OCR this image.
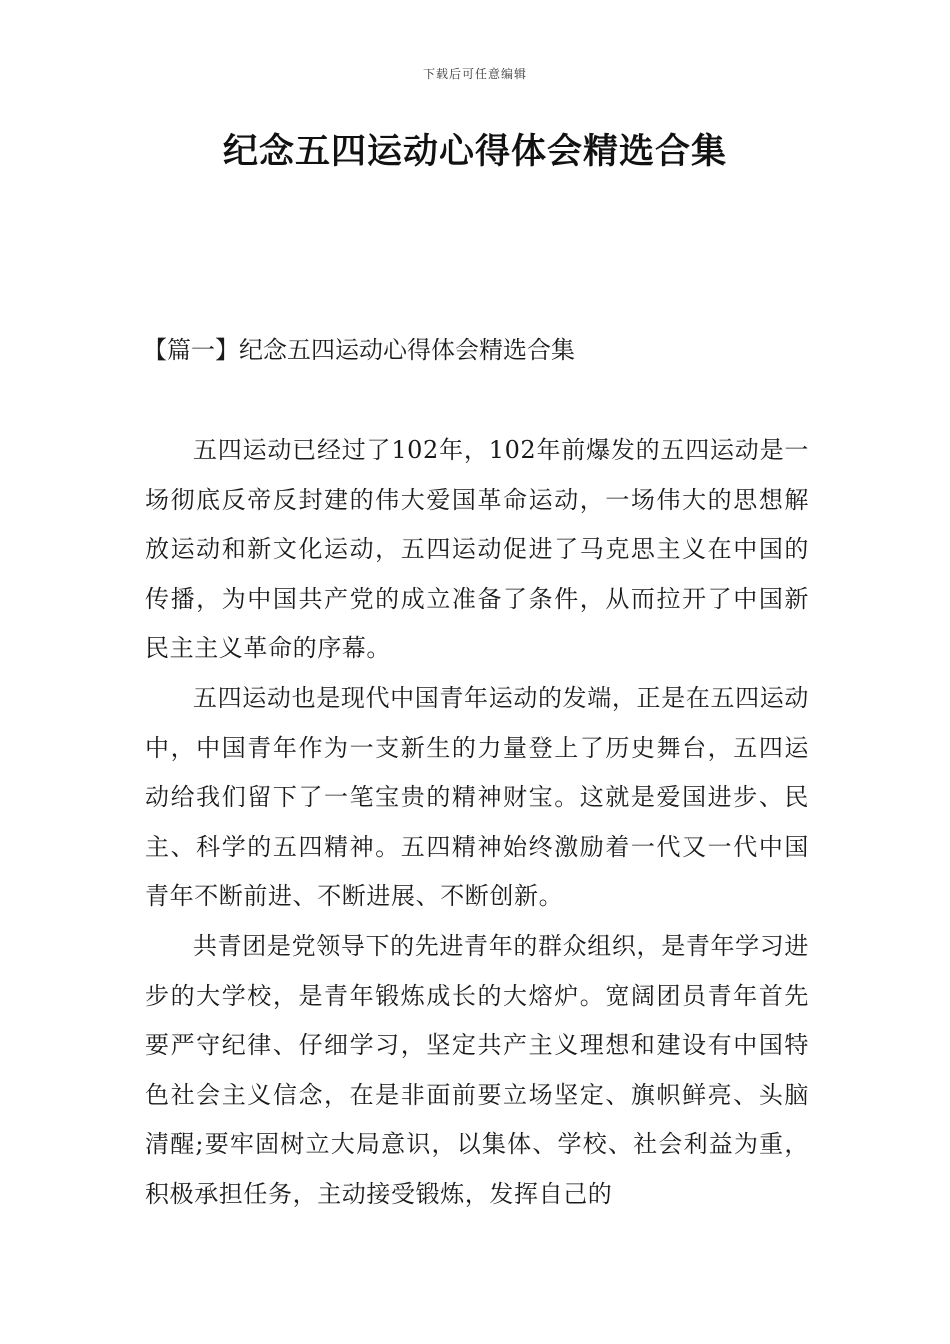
下载后可任意编辑
纪念五四运动心得体会精选合集
【篇一】纪念五四运动心得体会精选合集

五四运动已经过了102年，102年前爆发的五四运动是一场彻底反帝反封建的伟大爱国革命运动，一场伟大的思想解放运动和新文化运动，五四运动促进了马克思主义在中国的传播，为中国共产党的成立准备了条件，从而拉开了中国新民主主义革命的序幕。

五四运动也是现代中国青年运动的发端，正是在五四运动中，中国青年作为一支新生的力量登上了历史舞台，五四运动给我们留下了一笔宝贵的精神财宝。这就是爱国进步、民主、科学的五四精神。五四精神始终激励着一代又一代中国青年不断前进、不断进展、不断创新。

共青团是党领导下的先进青年的群众组织，是青年学习进步的大学校，是青年锻炼成长的大熔炉。宽阔团员青年首先要严守纪律、仔细学习，坚定共产主义理想和建设有中国特色社会主义信念，在是非面前要立场坚定、旗帜鲜亮、头脑清醒;要牢固树立大局意识，以集体、学校、社会利益为重，积极承担任务，主动接受锻炼，发挥自己的
